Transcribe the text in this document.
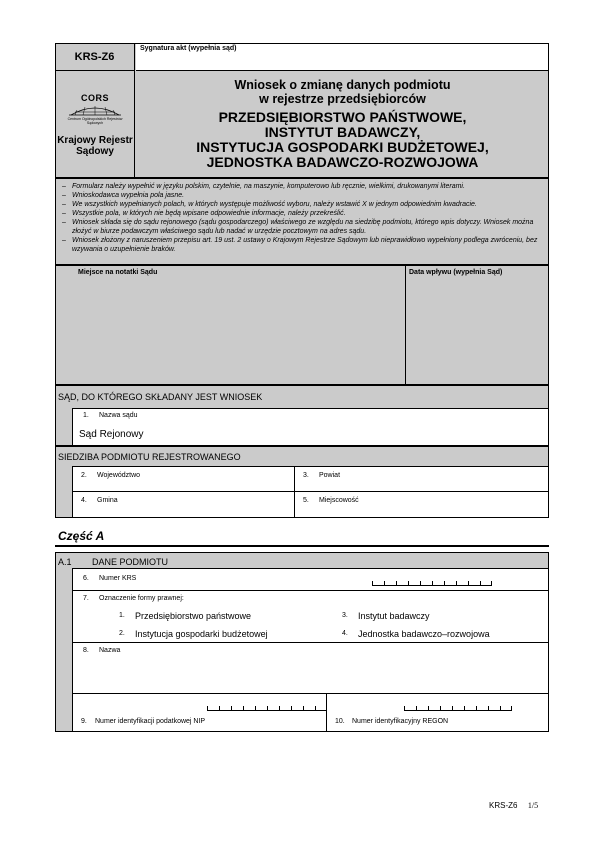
KRS-Z6
Sygnatura akt (wypełnia sąd)
CORS
Centrum Ogólnopolskich Rejestrów Sądowych
Krajowy Rejestr
Sądowy
Wniosek o zmianę danych podmiotu
w rejestrze przedsiębiorców
PRZEDSIĘBIORSTWO PAŃSTWOWE,
INSTYTUT BADAWCZY,
INSTYTUCJA GOSPODARKI BUDŻETOWEJ,
JEDNOSTKA BADAWCZO-ROZWOJOWA
– Formularz należy wypełnić w języku polskim, czytelnie, na maszynie, komputerowo lub ręcznie, wielkimi, drukowanymi literami.
– Wnioskodawca wypełnia pola jasne.
– We wszystkich wypełnianych polach, w których występuje możliwość wyboru, należy wstawić X w jednym odpowiednim kwadracie.
– Wszystkie pola, w których nie będą wpisane odpowiednie informacje, należy przekreślić.
– Wniosek składa się do sądu rejonowego (sądu gospodarczego) właściwego ze względu na siedzibę podmiotu, którego wpis dotyczy. Wniosek można złożyć w biurze podawczym właściwego sądu lub nadać w urzędzie pocztowym na adres sądu.
– Wniosek złożony z naruszeniem przepisu art. 19 ust. 2 ustawy o Krajowym Rejestrze Sądowym lub nieprawidłowo wypełniony podlega zwróceniu, bez wzywania o uzupełnienie braków.
Miejsce na notatki Sądu	Data wpływu (wypełnia Sąd)
SĄD, DO KTÓREGO SKŁADANY JEST WNIOSEK
1. Nazwa sądu
Sąd Rejonowy
SIEDZIBA PODMIOTU REJESTROWANEGO
2. Województwo	3. Powiat
4. Gmina	5. Miejscowość
Część A
A.1 DANE PODMIOTU
6. Numer KRS
7. Oznaczenie formy prawnej:
1. Przedsiębiorstwo państwowe
2. Instytucja gospodarki budżetowej
3. Instytut badawczy
4. Jednostka badawczo–rozwojowa
8. Nazwa
9. Numer identyfikacji podatkowej NIP	10. Numer identyfikacyjny REGON
KRS-Z6 1/5
